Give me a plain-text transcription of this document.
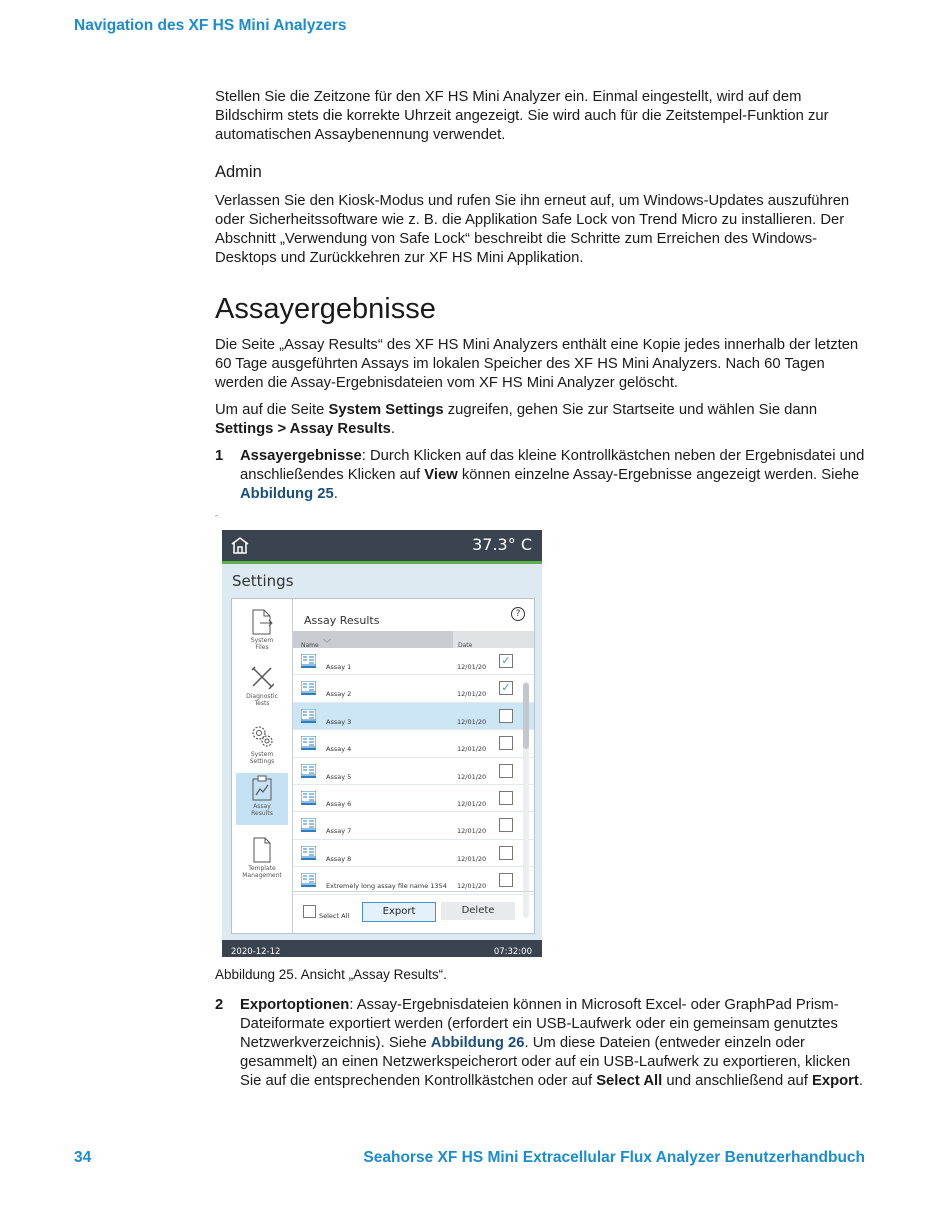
Navigation des XF HS Mini Analyzers

Stellen Sie die Zeitzone für den XF HS Mini Analyzer ein. Einmal eingestellt, wird auf dem Bildschirm stets die korrekte Uhrzeit angezeigt. Sie wird auch für die Zeitstempel-Funktion zur automatischen Assaybenennung verwendet.

Admin

Verlassen Sie den Kiosk-Modus und rufen Sie ihn erneut auf, um Windows-Updates auszuführen oder Sicherheitssoftware wie z. B. die Applikation Safe Lock von Trend Micro zu installieren. Der Abschnitt „Verwendung von Safe Lock“ beschreibt die Schritte zum Erreichen des Windows-Desktops und Zurückkehren zur XF HS Mini Applikation.

Assayergebnisse

Die Seite „Assay Results“ des XF HS Mini Analyzers enthält eine Kopie jedes innerhalb der letzten 60 Tage ausgeführten Assays im lokalen Speicher des XF HS Mini Analyzers. Nach 60 Tagen werden die Assay-Ergebnisdateien vom XF HS Mini Analyzer gelöscht.

Um auf die Seite System Settings zugreifen, gehen Sie zur Startseite und wählen Sie dann Settings > Assay Results.

1 Assayergebnisse: Durch Klicken auf das kleine Kontrollkästchen neben der Ergebnisdatei und anschließendes Klicken auf View können einzelne Assay-Ergebnisse angezeigt werden. Siehe Abbildung 25.
-
37.3° C
Settings
System
Files
Diagnostic
Tests
System
Settings
Assay
Results
Template
Management
Assay Results	?
Name ﹀	Date
Assay 1	12/01/20 ✓
Assay 2	12/01/20 ✓
Assay 3	12/01/20
Assay 4	12/01/20
Assay 5	12/01/20
Assay 6	12/01/20
Assay 7	12/01/20
Assay 8	12/01/20
Extremely long assay file name 1354 12/01/20
Select All	Export	Delete
2020-12-12	07:32:00
Abbildung 25. Ansicht „Assay Results“.
2 Exportoptionen: Assay-Ergebnisdateien können in Microsoft Excel- oder GraphPad Prism-Dateiformate exportiert werden (erfordert ein USB-Laufwerk oder ein gemeinsam genutztes Netzwerkverzeichnis). Siehe Abbildung 26. Um diese Dateien (entweder einzeln oder gesammelt) an einen Netzwerkspeicherort oder auf ein USB-Laufwerk zu exportieren, klicken Sie auf die entsprechenden Kontrollkästchen oder auf Select All und anschließend auf Export.
34	Seahorse XF HS Mini Extracellular Flux Analyzer Benutzerhandbuch
